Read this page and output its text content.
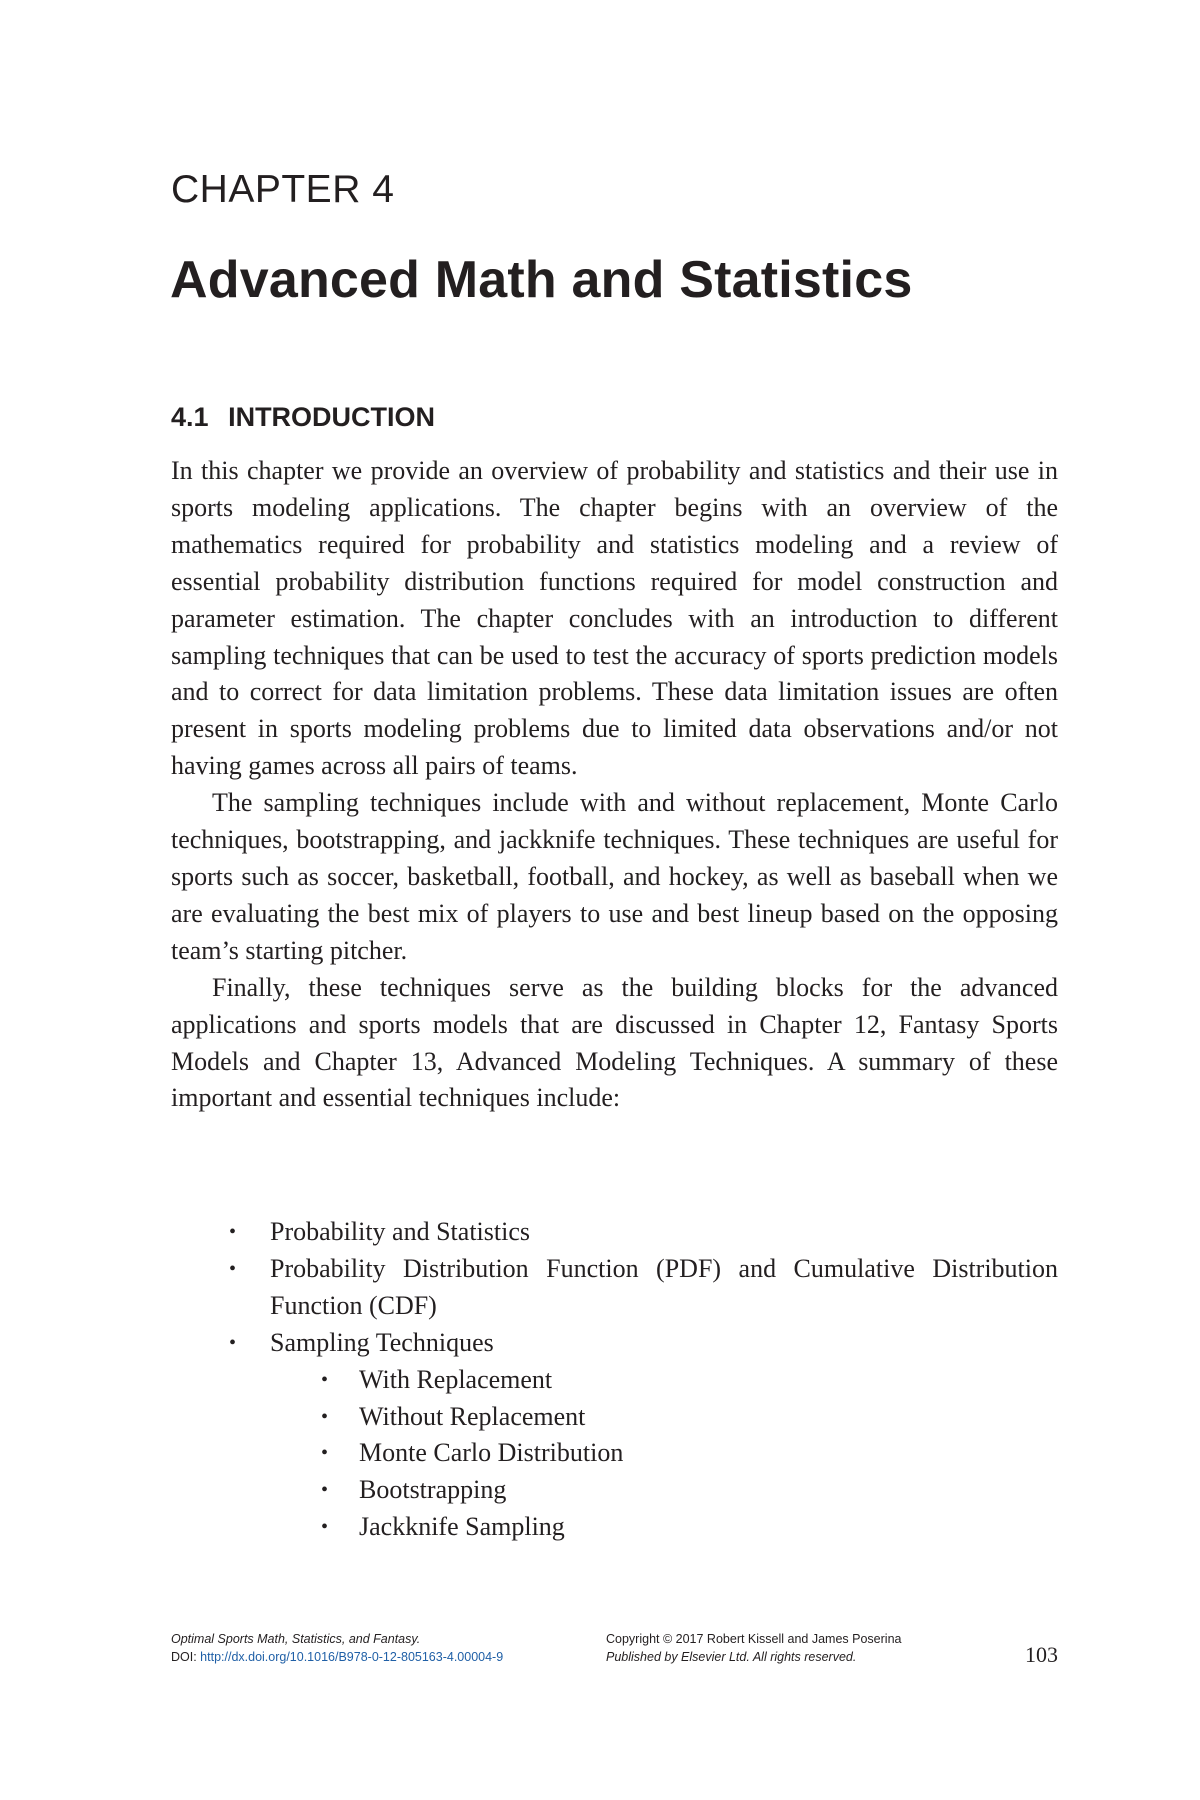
CHAPTER 4
Advanced Math and Statistics
4.1 INTRODUCTION

In this chapter we provide an overview of probability and statistics and their use in sports modeling applications. The chapter begins with an overview of the mathematics required for probability and statistics modeling and a review of essential probability distribution functions required for model construction and parameter estimation. The chapter concludes with an introduction to different sampling techniques that can be used to test the accuracy of sports prediction models and to correct for data limitation problems. These data limitation issues are often present in sports modeling problems due to limited data observations and/or not having games across all pairs of teams.

The sampling techniques include with and without replacement, Monte Carlo techniques, bootstrapping, and jackknife techniques. These techniques are useful for sports such as soccer, basketball, football, and hockey, as well as baseball when we are evaluating the best mix of players to use and best lineup based on the opposing team’s starting pitcher.

Finally, these techniques serve as the building blocks for the advanced applications and sports models that are discussed in Chapter 12, Fantasy Sports Models and Chapter 13, Advanced Modeling Techniques. A summary of these important and essential techniques include:

• Probability and Statistics
• Probability Distribution Function (PDF) and Cumulative Distribution Function (CDF)
• Sampling Techniques
• With Replacement
• Without Replacement
• Monte Carlo Distribution
• Bootstrapping
• Jackknife Sampling
Optimal Sports Math, Statistics, and Fantasy.
DOI: http://dx.doi.org/10.1016/B978-0-12-805163-4.00004-9
Copyright © 2017 Robert Kissell and James Poserina
Published by Elsevier Ltd. All rights reserved.	103
